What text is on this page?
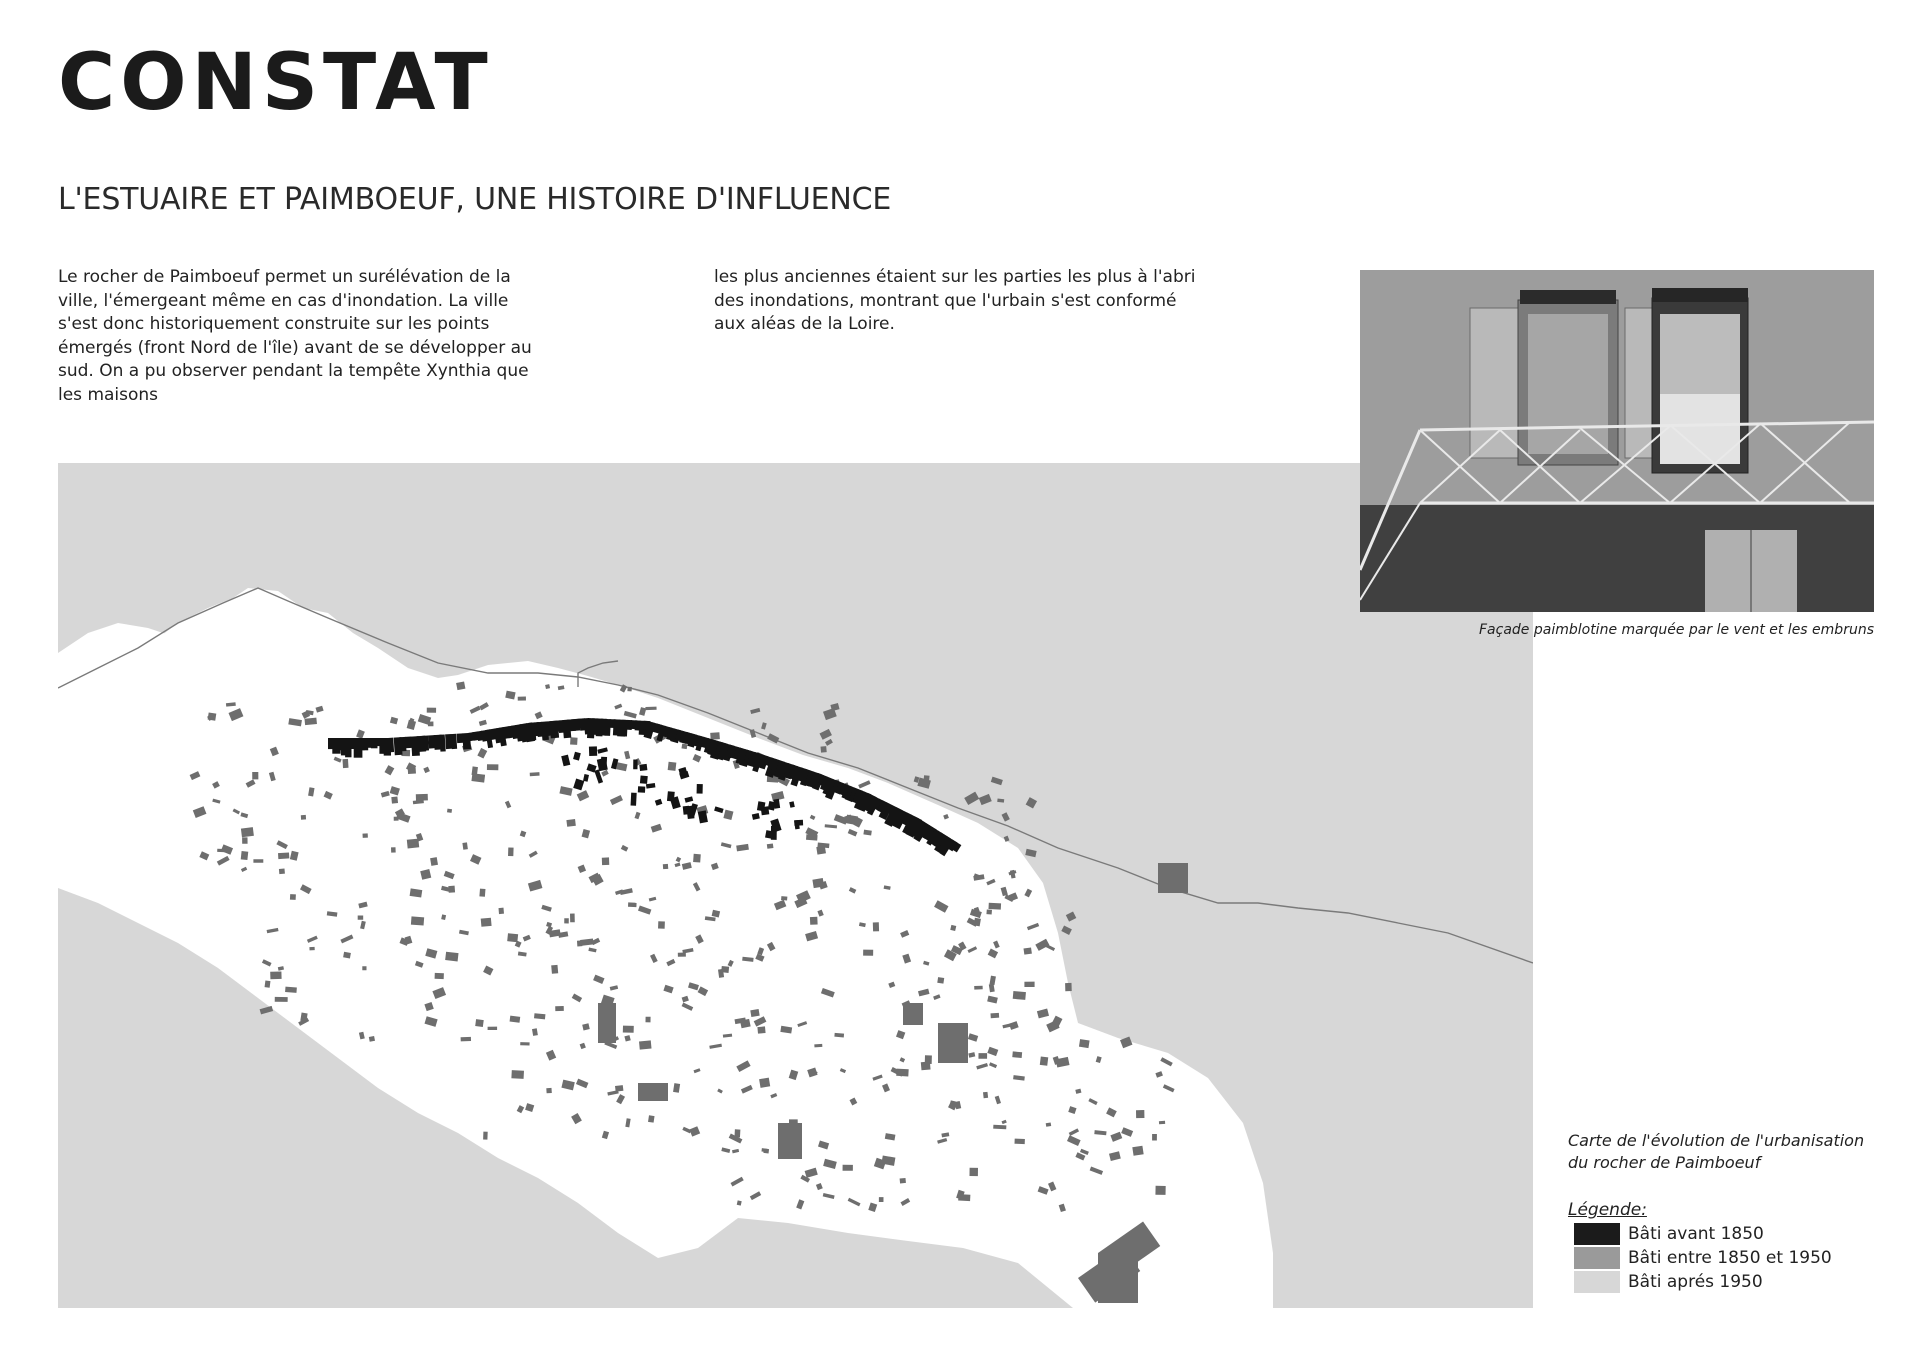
CONSTAT
L'ESTUAIRE ET PAIMBOEUF, UNE HISTOIRE D'INFLUENCE

Le rocher de Paimboeuf permet un surélévation de la ville, l'émergeant même en cas d'inondation. La ville s'est donc historiquement construite sur les points émergés (front Nord de l'île) avant de se développer au sud. On a pu observer pendant la tempête Xynthia que les maisons

les plus anciennes étaient sur les parties les plus à l'abri des inondations, montrant que l'urbain s'est conformé aux aléas de la Loire.

Façade paimblotine marquée par le vent et les embruns

Carte de l'évolution de l'urbanisation du rocher de Paimboeuf

Légende:
Bâti avant 1850
Bâti entre 1850 et 1950
Bâti aprés 1950
